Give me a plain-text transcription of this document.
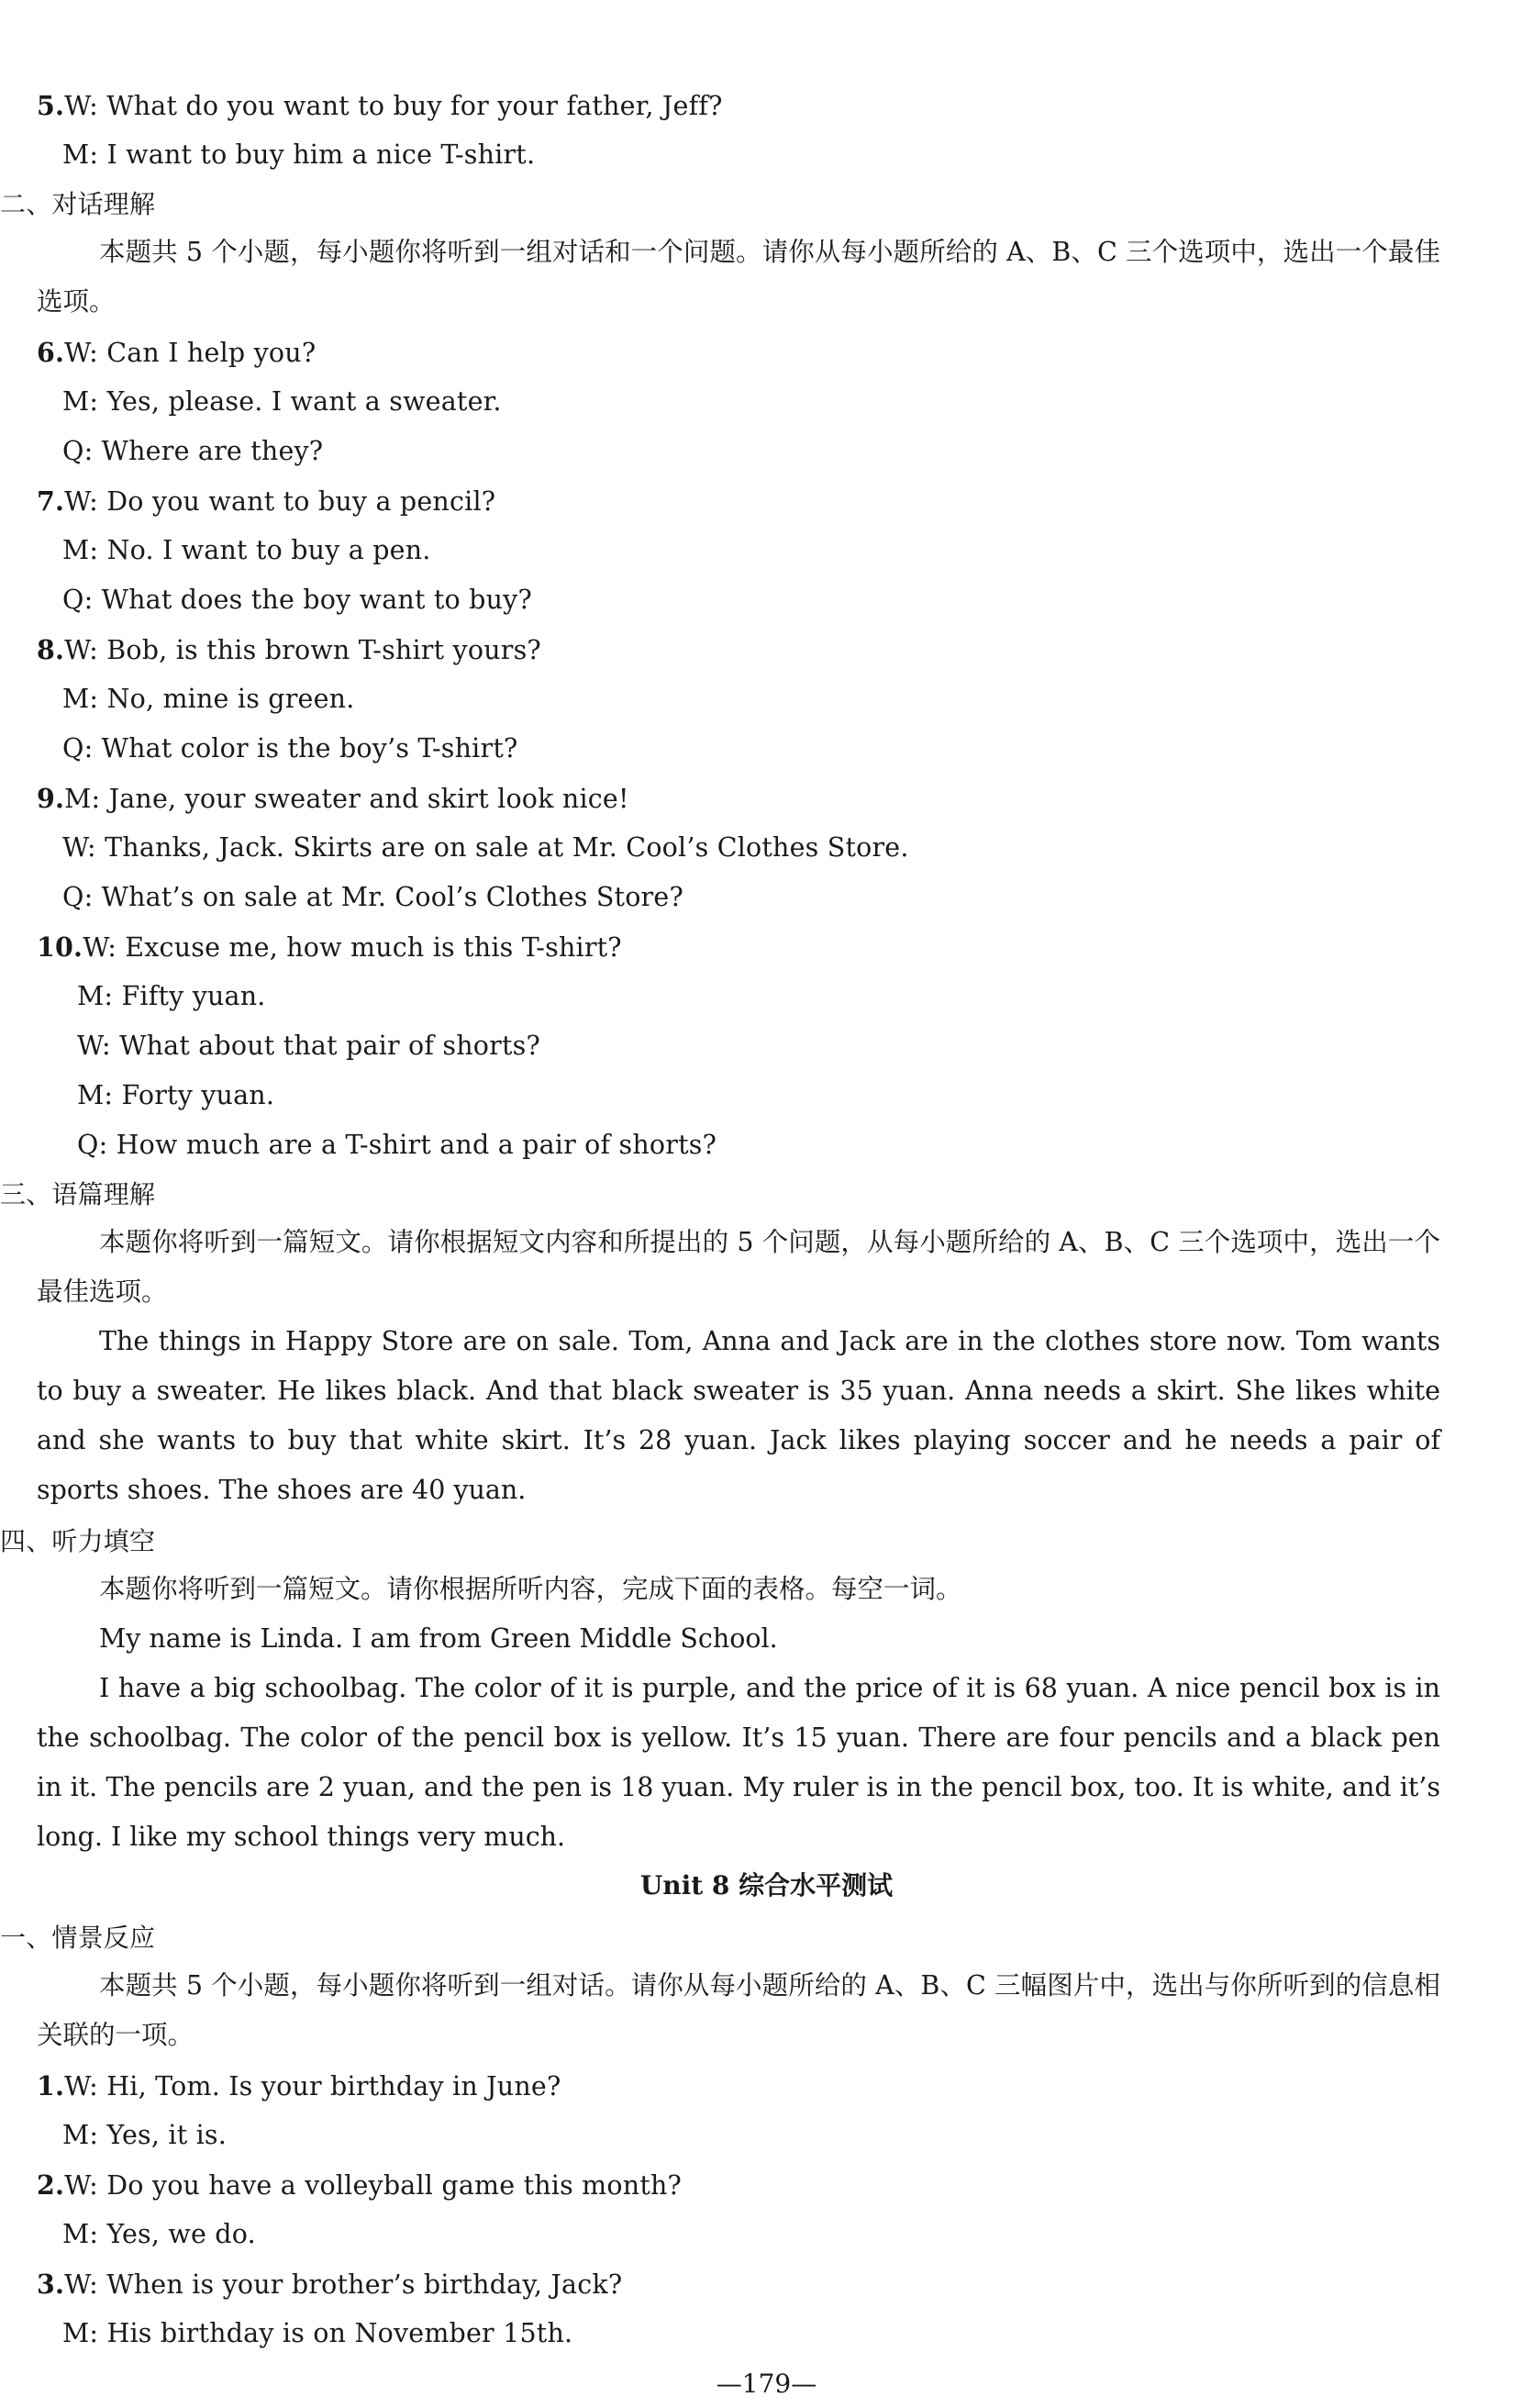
5.W: What do you want to buy for your father, Jeff?
M: I want to buy him a nice T-shirt.
二、对话理解
本题共 5 个小题，每小题你将听到一组对话和一个问题。请你从每小题所给的 A、B、C 三个选项中，选出一个最佳选项。
6.W: Can I help you?
M: Yes, please. I want a sweater.
Q: Where are they?
7.W: Do you want to buy a pencil?
M: No. I want to buy a pen.
Q: What does the boy want to buy?
8.W: Bob, is this brown T-shirt yours?
M: No, mine is green.
Q: What color is the boy’s T-shirt?
9.M: Jane, your sweater and skirt look nice!
W: Thanks, Jack. Skirts are on sale at Mr. Cool’s Clothes Store.
Q: What’s on sale at Mr. Cool’s Clothes Store?
10.W: Excuse me, how much is this T-shirt?
M: Fifty yuan.
W: What about that pair of shorts?
M: Forty yuan.
Q: How much are a T-shirt and a pair of shorts?
三、语篇理解
本题你将听到一篇短文。请你根据短文内容和所提出的 5 个问题，从每小题所给的 A、B、C 三个选项中，选出一个最佳选项。
The things in Happy Store are on sale. Tom, Anna and Jack are in the clothes store now. Tom wants to buy a sweater. He likes black. And that black sweater is 35 yuan. Anna needs a skirt. She likes white and she wants to buy that white skirt. It’s 28 yuan. Jack likes playing soccer and he needs a pair of sports shoes. The shoes are 40 yuan.
四、听力填空
本题你将听到一篇短文。请你根据所听内容，完成下面的表格。每空一词。
My name is Linda. I am from Green Middle School.
I have a big schoolbag. The color of it is purple, and the price of it is 68 yuan. A nice pencil box is in the schoolbag. The color of the pencil box is yellow. It’s 15 yuan. There are four pencils and a black pen in it. The pencils are 2 yuan, and the pen is 18 yuan. My ruler is in the pencil box, too. It is white, and it’s long. I like my school things very much.
Unit 8 综合水平测试
一、情景反应
本题共 5 个小题，每小题你将听到一组对话。请你从每小题所给的 A、B、C 三幅图片中，选出与你所听到的信息相关联的一项。
1.W: Hi, Tom. Is your birthday in June?
M: Yes, it is.
2.W: Do you have a volleyball game this month?
M: Yes, we do.
3.W: When is your brother’s birthday, Jack?
M: His birthday is on November 15th.
—179—
